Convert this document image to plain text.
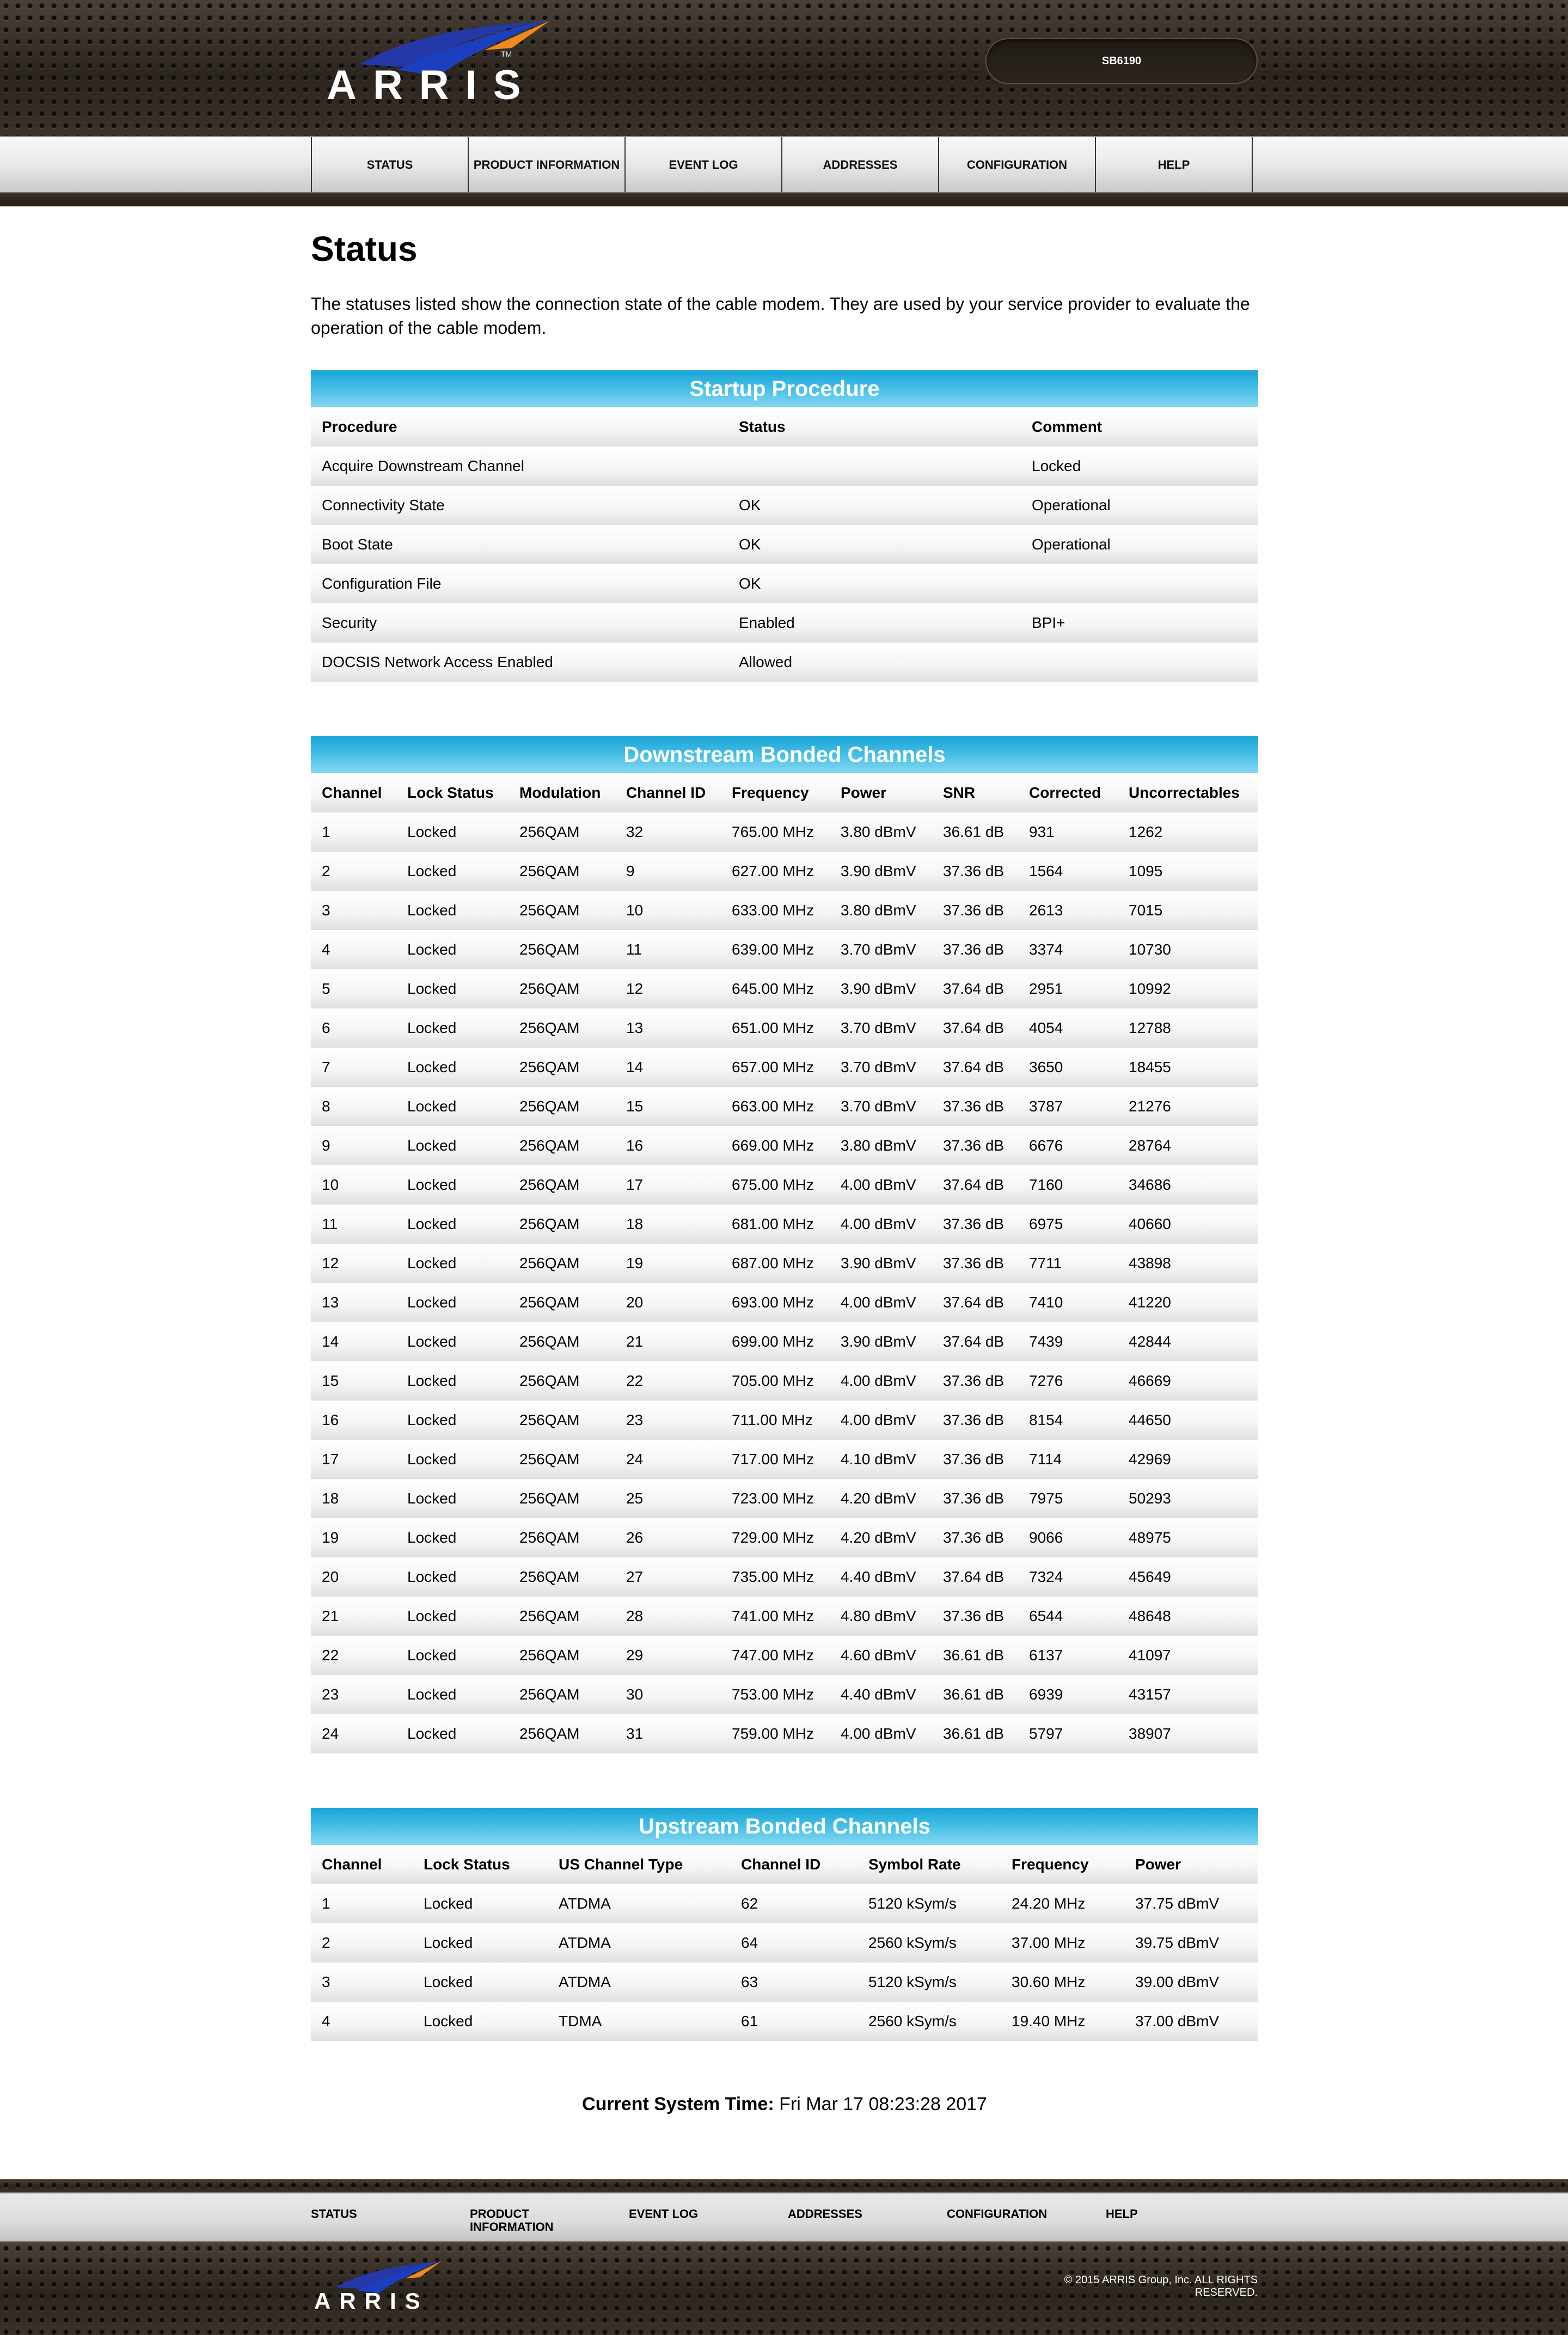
TM
ARRIS
SB6190
STATUS	PRODUCT INFORMATION	EVENT LOG	ADDRESSES	CONFIGURATION	HELP
Status

The statuses listed show the connection state of the cable modem. They are used by your service provider to evaluate the operation of the cable modem.

Startup Procedure
Procedure	Status	Comment
Acquire Downstream Channel		Locked
Connectivity State	OK	Operational
Boot State	OK	Operational
Configuration File	OK	
Security	Enabled	BPI+
DOCSIS Network Access Enabled	Allowed	
Downstream Bonded Channels
Channel	Lock Status	Modulation	Channel ID	Frequency	Power	SNR	Corrected	Uncorrectables
1	Locked	256QAM	32	765.00 MHz	3.80 dBmV	36.61 dB	931	1262
2	Locked	256QAM	9	627.00 MHz	3.90 dBmV	37.36 dB	1564	1095
3	Locked	256QAM	10	633.00 MHz	3.80 dBmV	37.36 dB	2613	7015
4	Locked	256QAM	11	639.00 MHz	3.70 dBmV	37.36 dB	3374	10730
5	Locked	256QAM	12	645.00 MHz	3.90 dBmV	37.64 dB	2951	10992
6	Locked	256QAM	13	651.00 MHz	3.70 dBmV	37.64 dB	4054	12788
7	Locked	256QAM	14	657.00 MHz	3.70 dBmV	37.64 dB	3650	18455
8	Locked	256QAM	15	663.00 MHz	3.70 dBmV	37.36 dB	3787	21276
9	Locked	256QAM	16	669.00 MHz	3.80 dBmV	37.36 dB	6676	28764
10	Locked	256QAM	17	675.00 MHz	4.00 dBmV	37.64 dB	7160	34686
11	Locked	256QAM	18	681.00 MHz	4.00 dBmV	37.36 dB	6975	40660
12	Locked	256QAM	19	687.00 MHz	3.90 dBmV	37.36 dB	7711	43898
13	Locked	256QAM	20	693.00 MHz	4.00 dBmV	37.64 dB	7410	41220
14	Locked	256QAM	21	699.00 MHz	3.90 dBmV	37.64 dB	7439	42844
15	Locked	256QAM	22	705.00 MHz	4.00 dBmV	37.36 dB	7276	46669
16	Locked	256QAM	23	711.00 MHz	4.00 dBmV	37.36 dB	8154	44650
17	Locked	256QAM	24	717.00 MHz	4.10 dBmV	37.36 dB	7114	42969
18	Locked	256QAM	25	723.00 MHz	4.20 dBmV	37.36 dB	7975	50293
19	Locked	256QAM	26	729.00 MHz	4.20 dBmV	37.36 dB	9066	48975
20	Locked	256QAM	27	735.00 MHz	4.40 dBmV	37.64 dB	7324	45649
21	Locked	256QAM	28	741.00 MHz	4.80 dBmV	37.36 dB	6544	48648
22	Locked	256QAM	29	747.00 MHz	4.60 dBmV	36.61 dB	6137	41097
23	Locked	256QAM	30	753.00 MHz	4.40 dBmV	36.61 dB	6939	43157
24	Locked	256QAM	31	759.00 MHz	4.00 dBmV	36.61 dB	5797	38907
Upstream Bonded Channels
Channel	Lock Status	US Channel Type	Channel ID	Symbol Rate	Frequency	Power
1	Locked	ATDMA	62	5120 kSym/s	24.20 MHz	37.75 dBmV
2	Locked	ATDMA	64	2560 kSym/s	37.00 MHz	39.75 dBmV
3	Locked	ATDMA	63	5120 kSym/s	30.60 MHz	39.00 dBmV
4	Locked	TDMA	61	2560 kSym/s	19.40 MHz	37.00 dBmV
Current System Time: Fri Mar 17 08:23:28 2017
STATUS	PRODUCT INFORMATION
EVENT LOG	ADDRESSES	CONFIGURATION	HELP
ARRIS
© 2015 ARRIS Group, Inc. ALL RIGHTS RESERVED.
